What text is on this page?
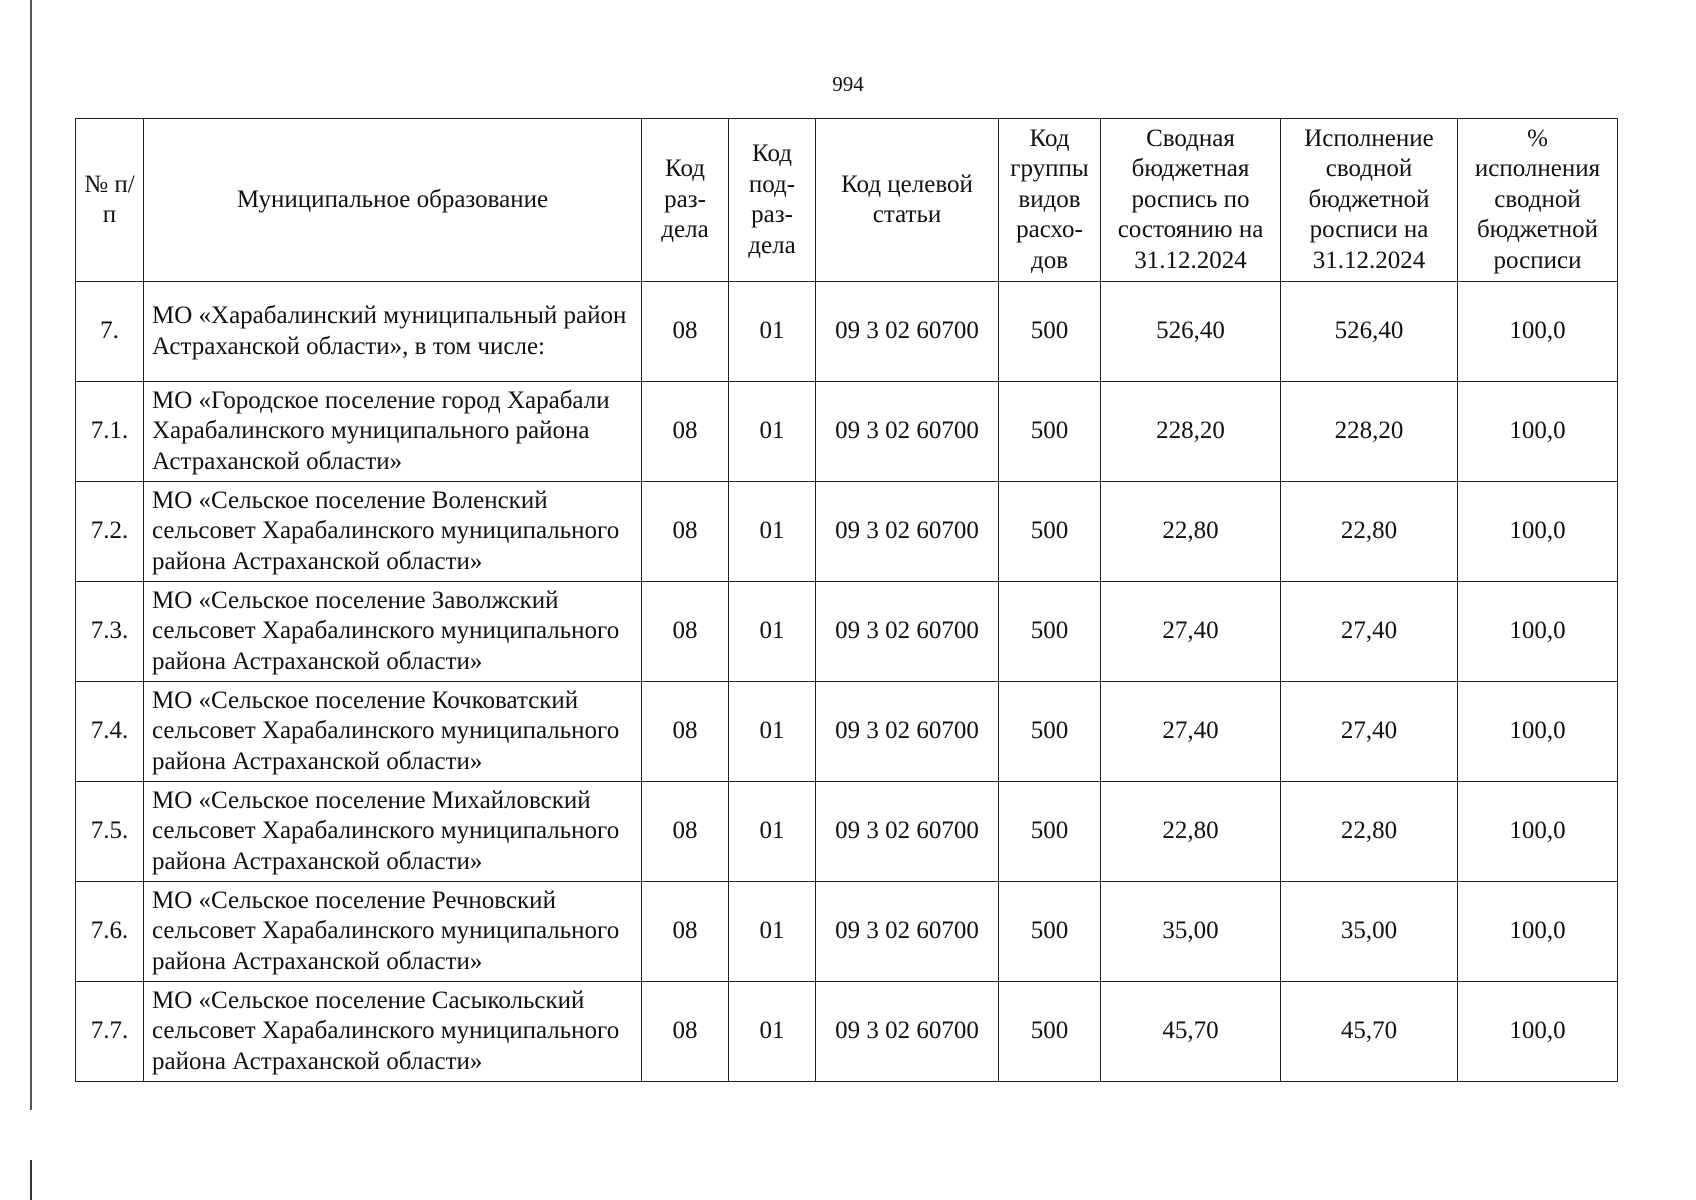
994
№ п/п	Муниципальное образование	Код раз-дела	Код под-раз-дела	Код целевой статьи	Код группы видов расхо-дов	Сводная бюджетная роспись по состоянию на 31.12.2024	Исполнение сводной бюджетной росписи на 31.12.2024	% исполнения сводной бюджетной росписи
7.	МО «Харабалинский муниципальный район Астраханской области», в том числе:	08	01	09 3 02 60700	500	526,40	526,40	100,0
7.1.	МО «Городское поселение город Харабали Харабалинского муниципального района Астраханской области»	08	01	09 3 02 60700	500	228,20	228,20	100,0
7.2.	МО «Сельское поселение Воленский сельсовет Харабалинского муниципального района Астраханской области»	08	01	09 3 02 60700	500	22,80	22,80	100,0
7.3.	МО «Сельское поселение Заволжский сельсовет Харабалинского муниципального района Астраханской области»	08	01	09 3 02 60700	500	27,40	27,40	100,0
7.4.	МО «Сельское поселение Кочковатский сельсовет Харабалинского муниципального района Астраханской области»	08	01	09 3 02 60700	500	27,40	27,40	100,0
7.5.	МО «Сельское поселение Михайловский сельсовет Харабалинского муниципального района Астраханской области»	08	01	09 3 02 60700	500	22,80	22,80	100,0
7.6.	МО «Сельское поселение Речновский сельсовет Харабалинского муниципального района Астраханской области»	08	01	09 3 02 60700	500	35,00	35,00	100,0
7.7.	МО «Сельское поселение Сасыкольский сельсовет Харабалинского муниципального района Астраханской области»	08	01	09 3 02 60700	500	45,70	45,70	100,0
